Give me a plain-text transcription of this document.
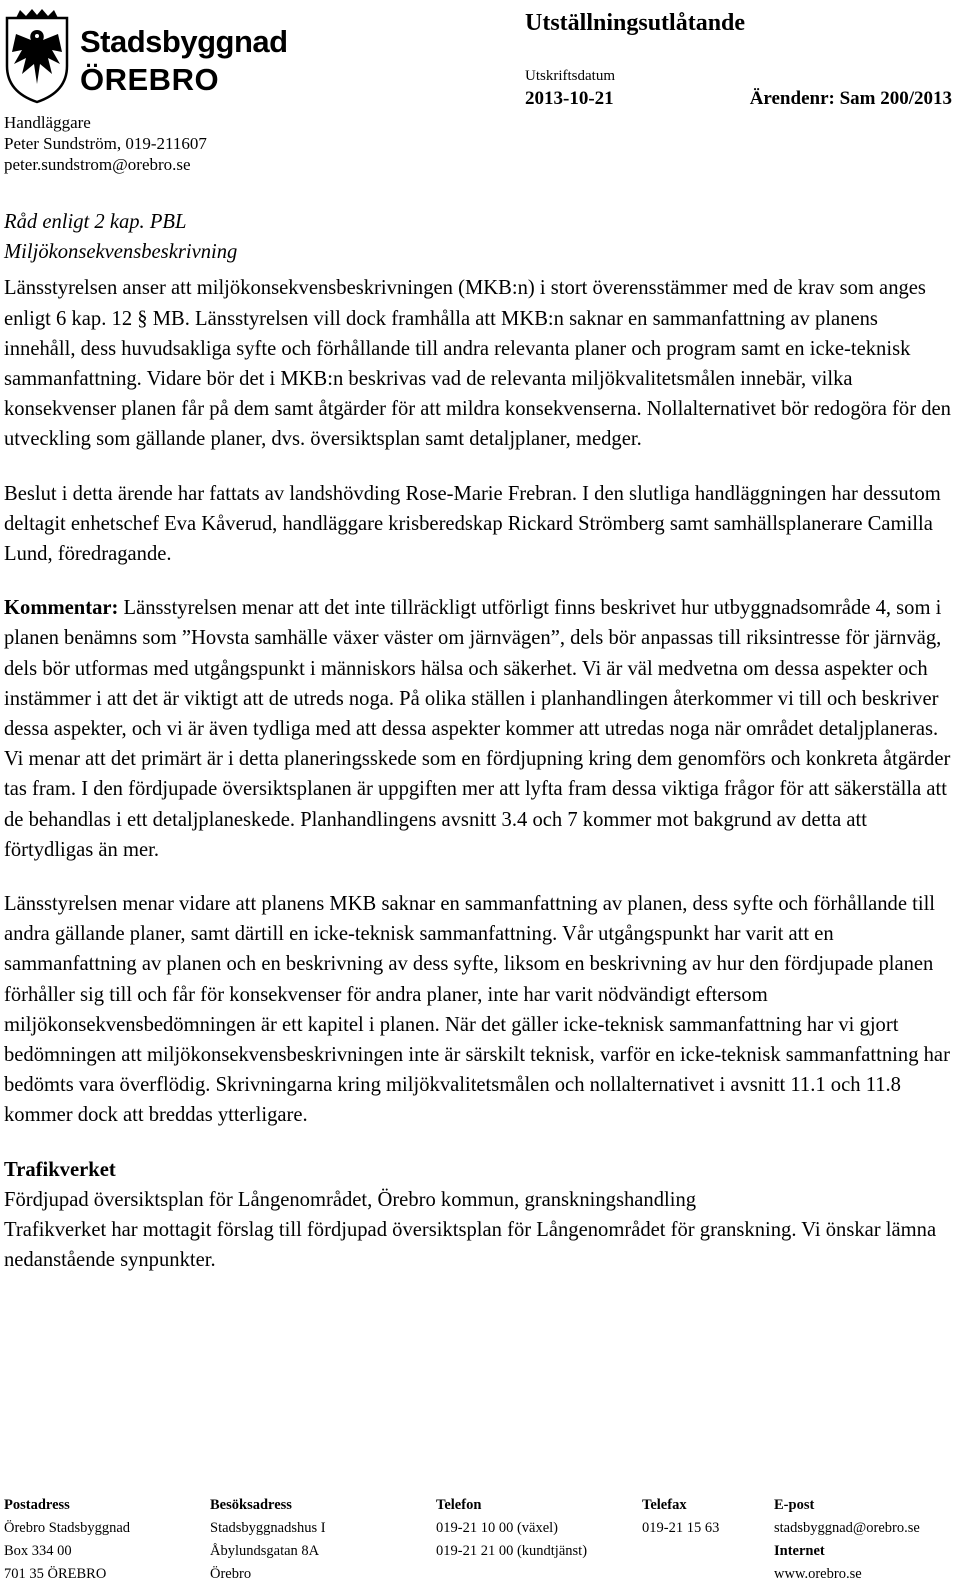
Stadsbyggnad
ÖREBRO
Utställningsutlåtande
Utskriftsdatum
2013-10-21	Ärendenr: Sam 200/2013
Handläggare
Peter Sundström, 019-211607
peter.sundstrom@orebro.se

Råd enligt 2 kap. PBL

Miljökonsekvensbeskrivning

Länsstyrelsen anser att miljökonsekvensbeskrivningen (MKB:n) i stort överensstämmer med de krav som anges enligt 6 kap. 12 § MB. Länsstyrelsen vill dock framhålla att MKB:n saknar en sammanfattning av planens innehåll, dess huvudsakliga syfte och förhållande till andra relevanta planer och program samt en icke-teknisk sammanfattning. Vidare bör det i MKB:n beskrivas vad de relevanta miljökvalitetsmålen innebär, vilka konsekvenser planen får på dem samt åtgärder för att mildra konsekvenserna. Nollalternativet bör redogöra för den utveckling som gällande planer, dvs. översiktsplan samt detaljplaner, medger.

Beslut i detta ärende har fattats av landshövding Rose-Marie Frebran. I den slutliga handläggningen har dessutom deltagit enhetschef Eva Kåverud, handläggare krisberedskap Rickard Strömberg samt samhällsplanerare Camilla Lund, föredragande.

Kommentar: Länsstyrelsen menar att det inte tillräckligt utförligt finns beskrivet hur utbyggnadsområde 4, som i planen benämns som ”Hovsta samhälle växer väster om järnvägen”, dels bör anpassas till riksintresse för järnväg, dels bör utformas med utgångspunkt i människors hälsa och säkerhet. Vi är väl medvetna om dessa aspekter och instämmer i att det är viktigt att de utreds noga. På olika ställen i planhandlingen återkommer vi till och beskriver dessa aspekter, och vi är även tydliga med att dessa aspekter kommer att utredas noga när området detaljplaneras. Vi menar att det primärt är i detta planeringsskede som en fördjupning kring dem genomförs och konkreta åtgärder tas fram. I den fördjupade översiktsplanen är uppgiften mer att lyfta fram dessa viktiga frågor för att säkerställa att de behandlas i ett detaljplaneskede. Planhandlingens avsnitt 3.4 och 7 kommer mot bakgrund av detta att förtydligas än mer.

Länsstyrelsen menar vidare att planens MKB saknar en sammanfattning av planen, dess syfte och förhållande till andra gällande planer, samt därtill en icke-teknisk sammanfattning. Vår utgångspunkt har varit att en sammanfattning av planen och en beskrivning av dess syfte, liksom en beskrivning av hur den fördjupade planen förhåller sig till och får för konsekvenser för andra planer, inte har varit nödvändigt eftersom miljökonsekvensbedömningen är ett kapitel i planen. När det gäller icke-teknisk sammanfattning har vi gjort bedömningen att miljökonsekvensbeskrivningen inte är särskilt teknisk, varför en icke-teknisk sammanfattning har bedömts vara överflödig. Skrivningarna kring miljökvalitetsmålen och nollalternativet i avsnitt 11.1 och 11.8 kommer dock att breddas ytterligare.

Trafikverket

Fördjupad översiktsplan för Långenområdet, Örebro kommun, granskningshandling

Trafikverket har mottagit förslag till fördjupad översiktsplan för Långenområdet för granskning. Vi önskar lämna nedanstående synpunkter.

Postadress
Örebro Stadsbyggnad
Box 334 00
701 35 ÖREBRO
Besöksadress
Stadsbyggnadshus I
Åbylundsgatan 8A
Örebro
Telefon
019-21 10 00 (växel)
019-21 21 00 (kundtjänst)
Telefax
019-21 15 63
E-post
stadsbyggnad@orebro.se
Internet
www.orebro.se
